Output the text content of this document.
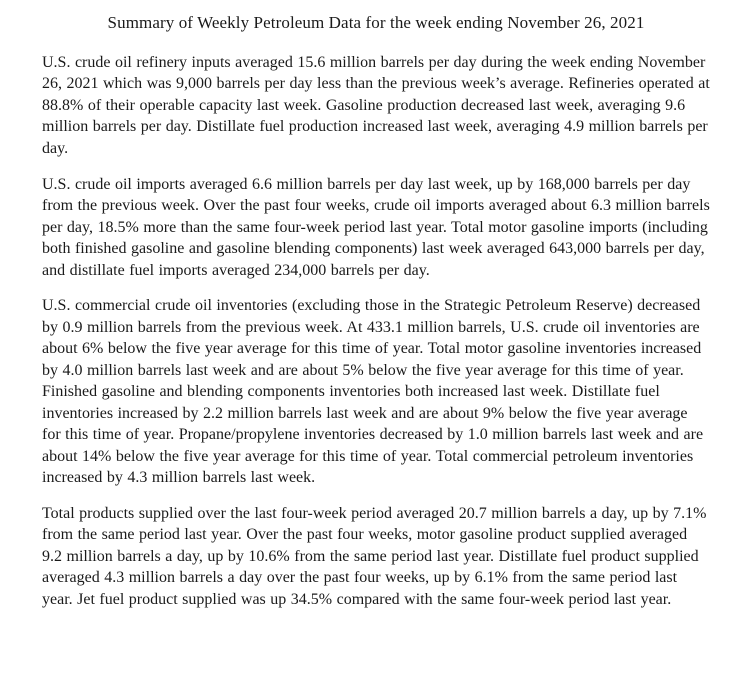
Summary of Weekly Petroleum Data for the week ending November 26, 2021

U.S. crude oil refinery inputs averaged 15.6 million barrels per day during the week ending November 26, 2021 which was 9,000 barrels per day less than the previous week’s average. Refineries operated at 88.8% of their operable capacity last week. Gasoline production decreased last week, averaging 9.6 million barrels per day. Distillate fuel production increased last week, averaging 4.9 million barrels per day.

U.S. crude oil imports averaged 6.6 million barrels per day last week, up by 168,000 barrels per day from the previous week. Over the past four weeks, crude oil imports averaged about 6.3 million barrels per day, 18.5% more than the same four-week period last year. Total motor gasoline imports (including both finished gasoline and gasoline blending components) last week averaged 643,000 barrels per day, and distillate fuel imports averaged 234,000 barrels per day.

U.S. commercial crude oil inventories (excluding those in the Strategic Petroleum Reserve) decreased by 0.9 million barrels from the previous week. At 433.1 million barrels, U.S. crude oil inventories are about 6% below the five year average for this time of year. Total motor gasoline inventories increased by 4.0 million barrels last week and are about 5% below the five year average for this time of year. Finished gasoline and blending components inventories both increased last week. Distillate fuel inventories increased by 2.2 million barrels last week and are about 9% below the five year average for this time of year. Propane/propylene inventories decreased by 1.0 million barrels last week and are about 14% below the five year average for this time of year. Total commercial petroleum inventories increased by 4.3 million barrels last week.

Total products supplied over the last four-week period averaged 20.7 million barrels a day, up by 7.1% from the same period last year. Over the past four weeks, motor gasoline product supplied averaged 9.2 million barrels a day, up by 10.6% from the same period last year. Distillate fuel product supplied averaged 4.3 million barrels a day over the past four weeks, up by 6.1% from the same period last year. Jet fuel product supplied was up 34.5% compared with the same four-week period last year.
